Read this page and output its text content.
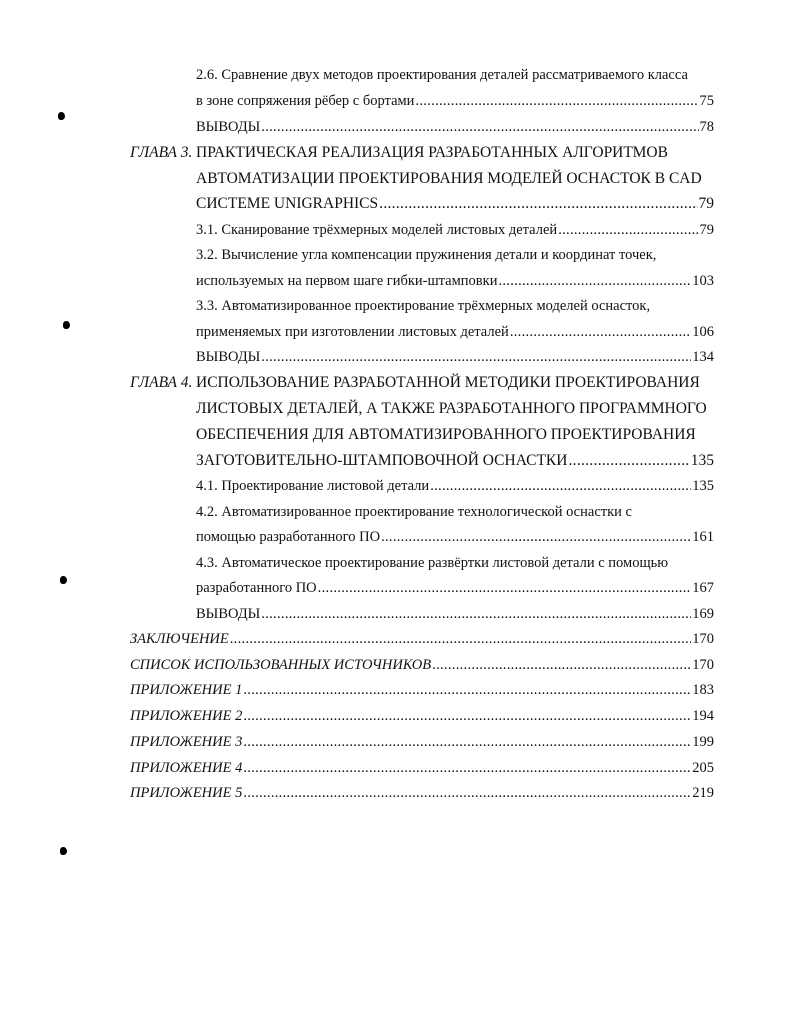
2.6. Сравнение двух методов проектирования деталей рассматриваемого класса
в зоне сопряжения рёбер с бортами .....	75
ВЫВОДЫ .....	78
ГЛАВА 3. ПРАКТИЧЕСКАЯ РЕАЛИЗАЦИЯ РАЗРАБОТАННЫХ АЛГОРИТМОВ
АВТОМАТИЗАЦИИ ПРОЕКТИРОВАНИЯ МОДЕЛЕЙ ОСНАСТОК В CAD
СИСТЕМЕ UNIGRAPHICS .....	79
3.1. Сканирование трёхмерных моделей листовых деталей .....	79
3.2. Вычисление угла компенсации пружинения детали и координат точек,
используемых на первом шаге гибки-штамповки .....	103
3.3. Автоматизированное проектирование трёхмерных моделей оснасток,
применяемых при изготовлении листовых деталей .....	106
ВЫВОДЫ .....	134
ГЛАВА 4. ИСПОЛЬЗОВАНИЕ РАЗРАБОТАННОЙ МЕТОДИКИ ПРОЕКТИРОВАНИЯ
ЛИСТОВЫХ ДЕТАЛЕЙ, А ТАКЖЕ РАЗРАБОТАННОГО ПРОГРАММНОГО
ОБЕСПЕЧЕНИЯ ДЛЯ АВТОМАТИЗИРОВАННОГО ПРОЕКТИРОВАНИЯ
ЗАГОТОВИТЕЛЬНО-ШТАМПОВОЧНОЙ ОСНАСТКИ .....	135
4.1. Проектирование листовой детали .....	135
4.2. Автоматизированное проектирование технологической оснастки с
помощью разработанного ПО .....	161
4.3. Автоматическое проектирование развёртки листовой детали с помощью
разработанного ПО .....	167
ВЫВОДЫ .....	169
ЗАКЛЮЧЕНИЕ .....	170
СПИСОК ИСПОЛЬЗОВАННЫХ ИСТОЧНИКОВ .....	170
ПРИЛОЖЕНИЕ 1 .....	183
ПРИЛОЖЕНИЕ 2 .....	194
ПРИЛОЖЕНИЕ 3 .....	199
ПРИЛОЖЕНИЕ 4 .....	205
ПРИЛОЖЕНИЕ 5 .....	219
